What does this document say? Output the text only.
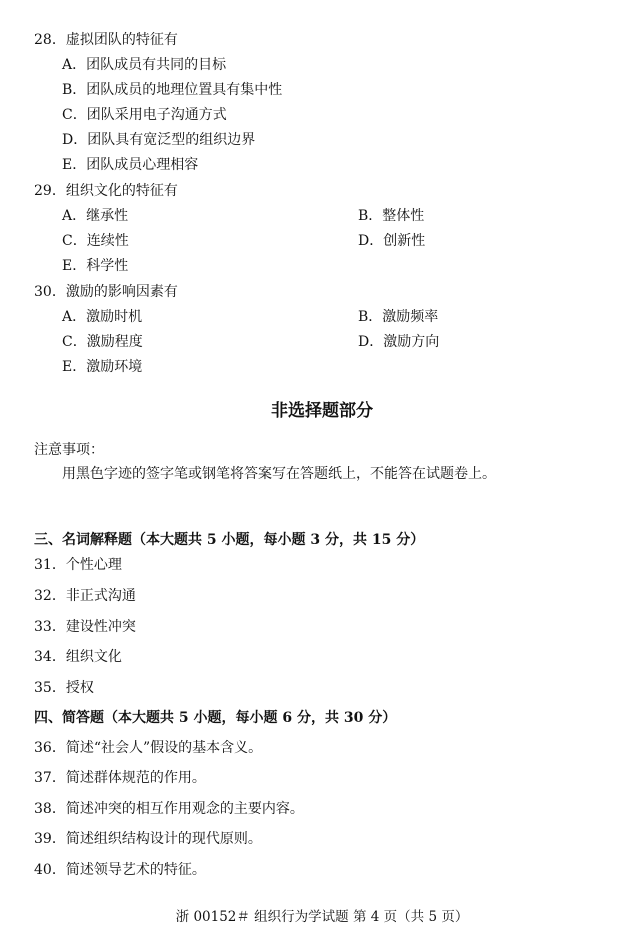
28．虚拟团队的特征有
A．团队成员有共同的目标
B．团队成员的地理位置具有集中性
C．团队采用电子沟通方式
D．团队具有宽泛型的组织边界
E．团队成员心理相容
29．组织文化的特征有
A．继承性	B．整体性
C．连续性	D．创新性
E．科学性
30．激励的影响因素有
A．激励时机	B．激励频率
C．激励程度	D．激励方向
E．激励环境
非选择题部分
注意事项：
用黑色字迹的签字笔或钢笔将答案写在答题纸上，不能答在试题卷上。
三、名词解释题（本大题共 5 小题，每小题 3 分，共 15 分）
31．个性心理
32．非正式沟通
33．建设性冲突
34．组织文化
35．授权
四、简答题（本大题共 5 小题，每小题 6 分，共 30 分）
36．简述“社会人”假设的基本含义。
37．简述群体规范的作用。
38．简述冲突的相互作用观念的主要内容。
39．简述组织结构设计的现代原则。
40．简述领导艺术的特征。
浙 00152＃ 组织行为学试题 第 4 页（共 5 页）
